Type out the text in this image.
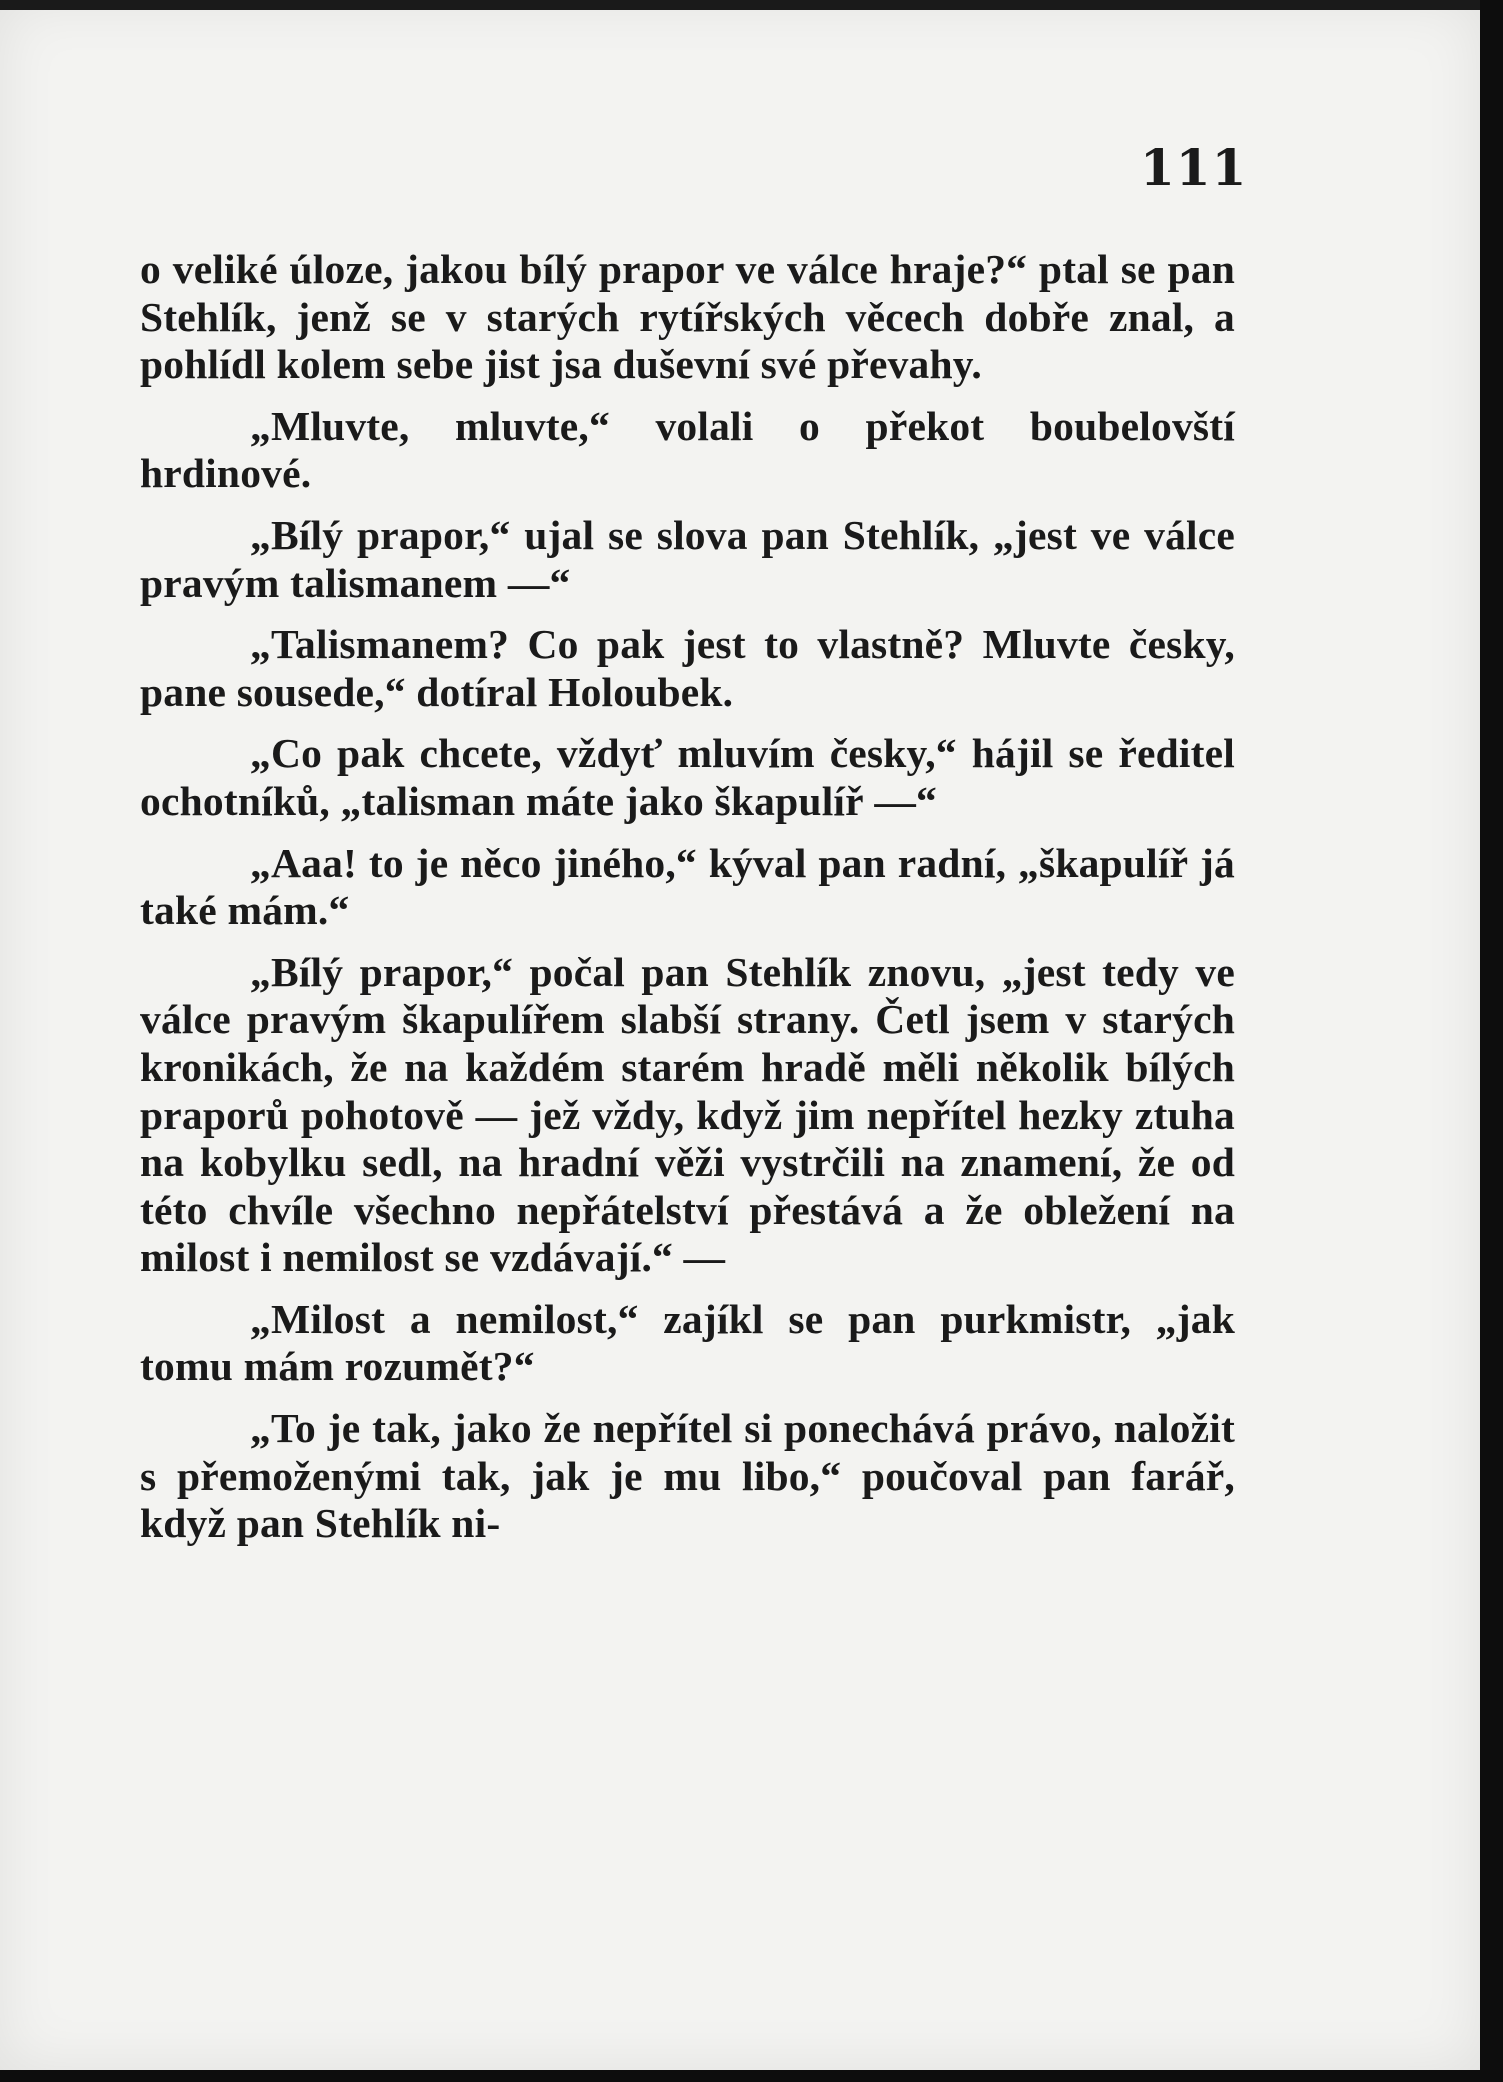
111

o veliké úloze, jakou bílý prapor ve válce hraje?“ ptal se pan Stehlík, jenž se v starých rytířských věcech dobře znal, a pohlídl kolem sebe jist jsa duševní své převahy.

„Mluvte, mluvte,“ volali o překot boubelovští hrdinové.

„Bílý prapor,“ ujal se slova pan Stehlík, „jest ve válce pravým talismanem —“

„Talismanem? Co pak jest to vlastně? Mluvte česky, pane sousede,“ dotíral Holoubek.

„Co pak chcete, vždyť mluvím česky,“ hájil se ředitel ochotníků, „talisman máte jako škapulíř —“

„Aaa! to je něco jiného,“ kýval pan radní, „škapulíř já také mám.“

„Bílý prapor,“ počal pan Stehlík znovu, „jest tedy ve válce pravým škapulířem slabší strany. Četl jsem v starých kronikách, že na každém starém hradě měli několik bílých praporů pohotově — jež vždy, když jim nepřítel hezky ztuha na kobylku sedl, na hradní věži vystrčili na znamení, že od této chvíle všechno nepřátelství přestává a že obležení na milost i nemilost se vzdávají.“ —

„Milost a nemilost,“ zajíkl se pan purkmistr, „jak tomu mám rozumět?“

„To je tak, jako že nepřítel si ponechává právo, naložit s přemoženými tak, jak je mu libo,“ poučoval pan farář, když pan Stehlík ni-
